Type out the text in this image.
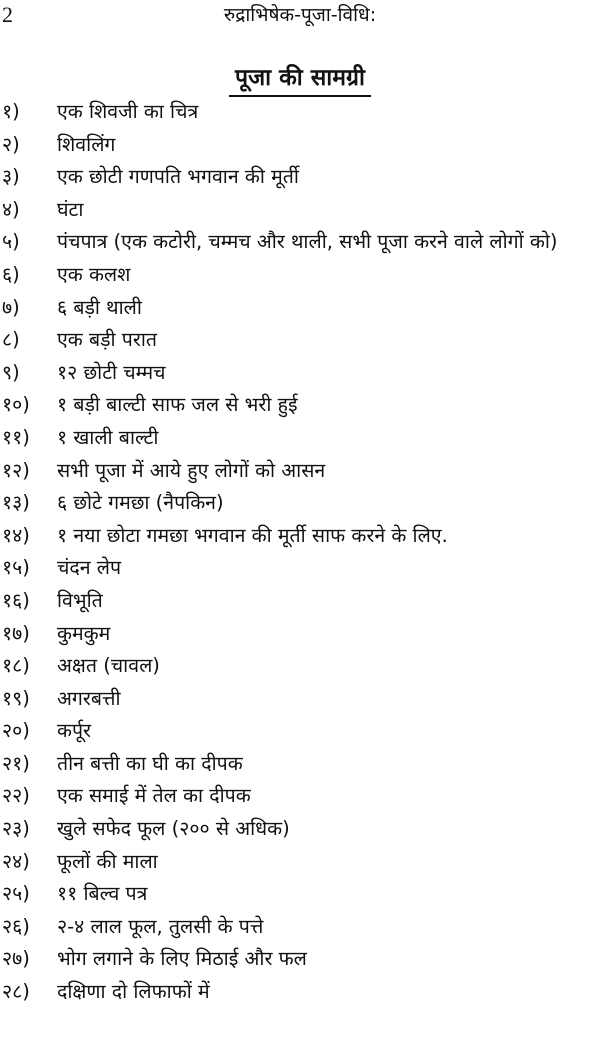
2	रुद्राभिषेक-पूजा-विधि:
पूजा की सामग्री
१)	एक शिवजी का चित्र
२)	शिवलिंग
३)	एक छोटी गणपति भगवान की मूर्ती
४)	घंटा
५)	पंचपात्र (एक कटोरी, चम्मच और थाली, सभी पूजा करने वाले लोगों को)
६)	एक कलश
७)	६ बड़ी थाली
८)	एक बड़ी परात
९)	१२ छोटी चम्मच
१०)	१ बड़ी बाल्टी साफ जल से भरी हुई
११)	१ खाली बाल्टी
१२)	सभी पूजा में आये हुए लोगों को आसन
१३)	६ छोटे गमछा (नैपकिन)
१४)	१ नया छोटा गमछा भगवान की मूर्ती साफ करने के लिए.
१५)	चंदन लेप
१६)	विभूति
१७)	कुमकुम
१८)	अक्षत (चावल)
१९)	अगरबत्ती
२०)	कर्पूर
२१)	तीन बत्ती का घी का दीपक
२२)	एक समाई में तेल का दीपक
२३)	खुले सफेद फूल (२०० से अधिक)
२४)	फूलों की माला
२५)	११ बिल्व पत्र
२६)	२-४ लाल फूल, तुलसी के पत्ते
२७)	भोग लगाने के लिए मिठाई और फल
२८)	दक्षिणा दो लिफाफों में
